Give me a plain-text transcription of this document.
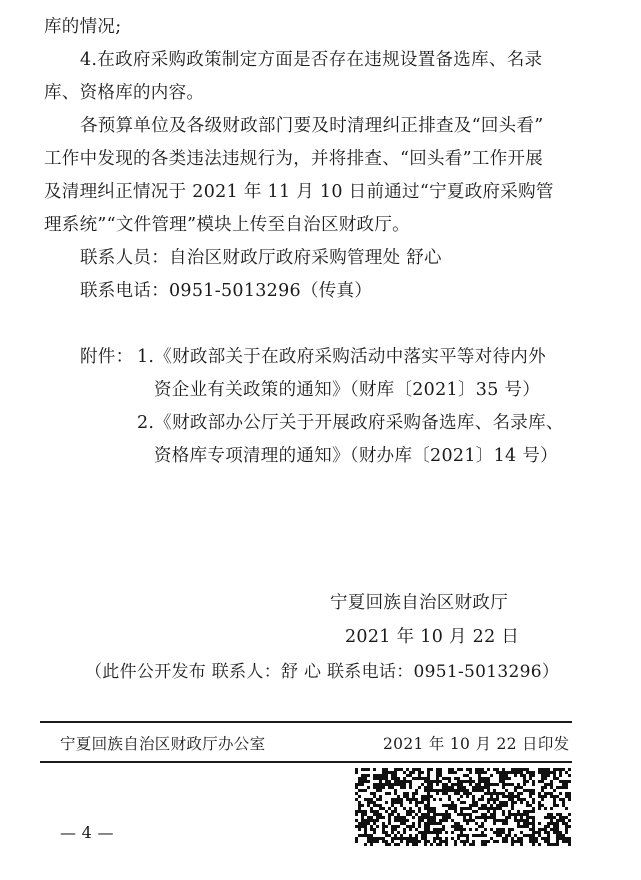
库的情况;
4.在政府采购政策制定方面是否存在违规设置备选库、名录
库、资格库的内容。
各预算单位及各级财政部门要及时清理纠正排查及“回头看”
工作中发现的各类违法违规行为，并将排查、“回头看”工作开展
及清理纠正情况于 2021 年 11 月 10 日前通过“宁夏政府采购管
理系统”“文件管理”模块上传至自治区财政厅。
联系人员：自治区财政厅政府采购管理处 舒心
联系电话：0951-5013296（传真）
附件： 1.《财政部关于在政府采购活动中落实平等对待内外
资企业有关政策的通知》（财库〔2021〕35 号）
2.《财政部办公厅关于开展政府采购备选库、名录库、
资格库专项清理的通知》（财办库〔2021〕14 号）
宁夏回族自治区财政厅
2021 年 10 月 22 日
（此件公开发布 联系人：舒 心 联系电话：0951-5013296）
宁夏回族自治区财政厅办公室	2021 年 10 月 22 日印发
— 4 —
